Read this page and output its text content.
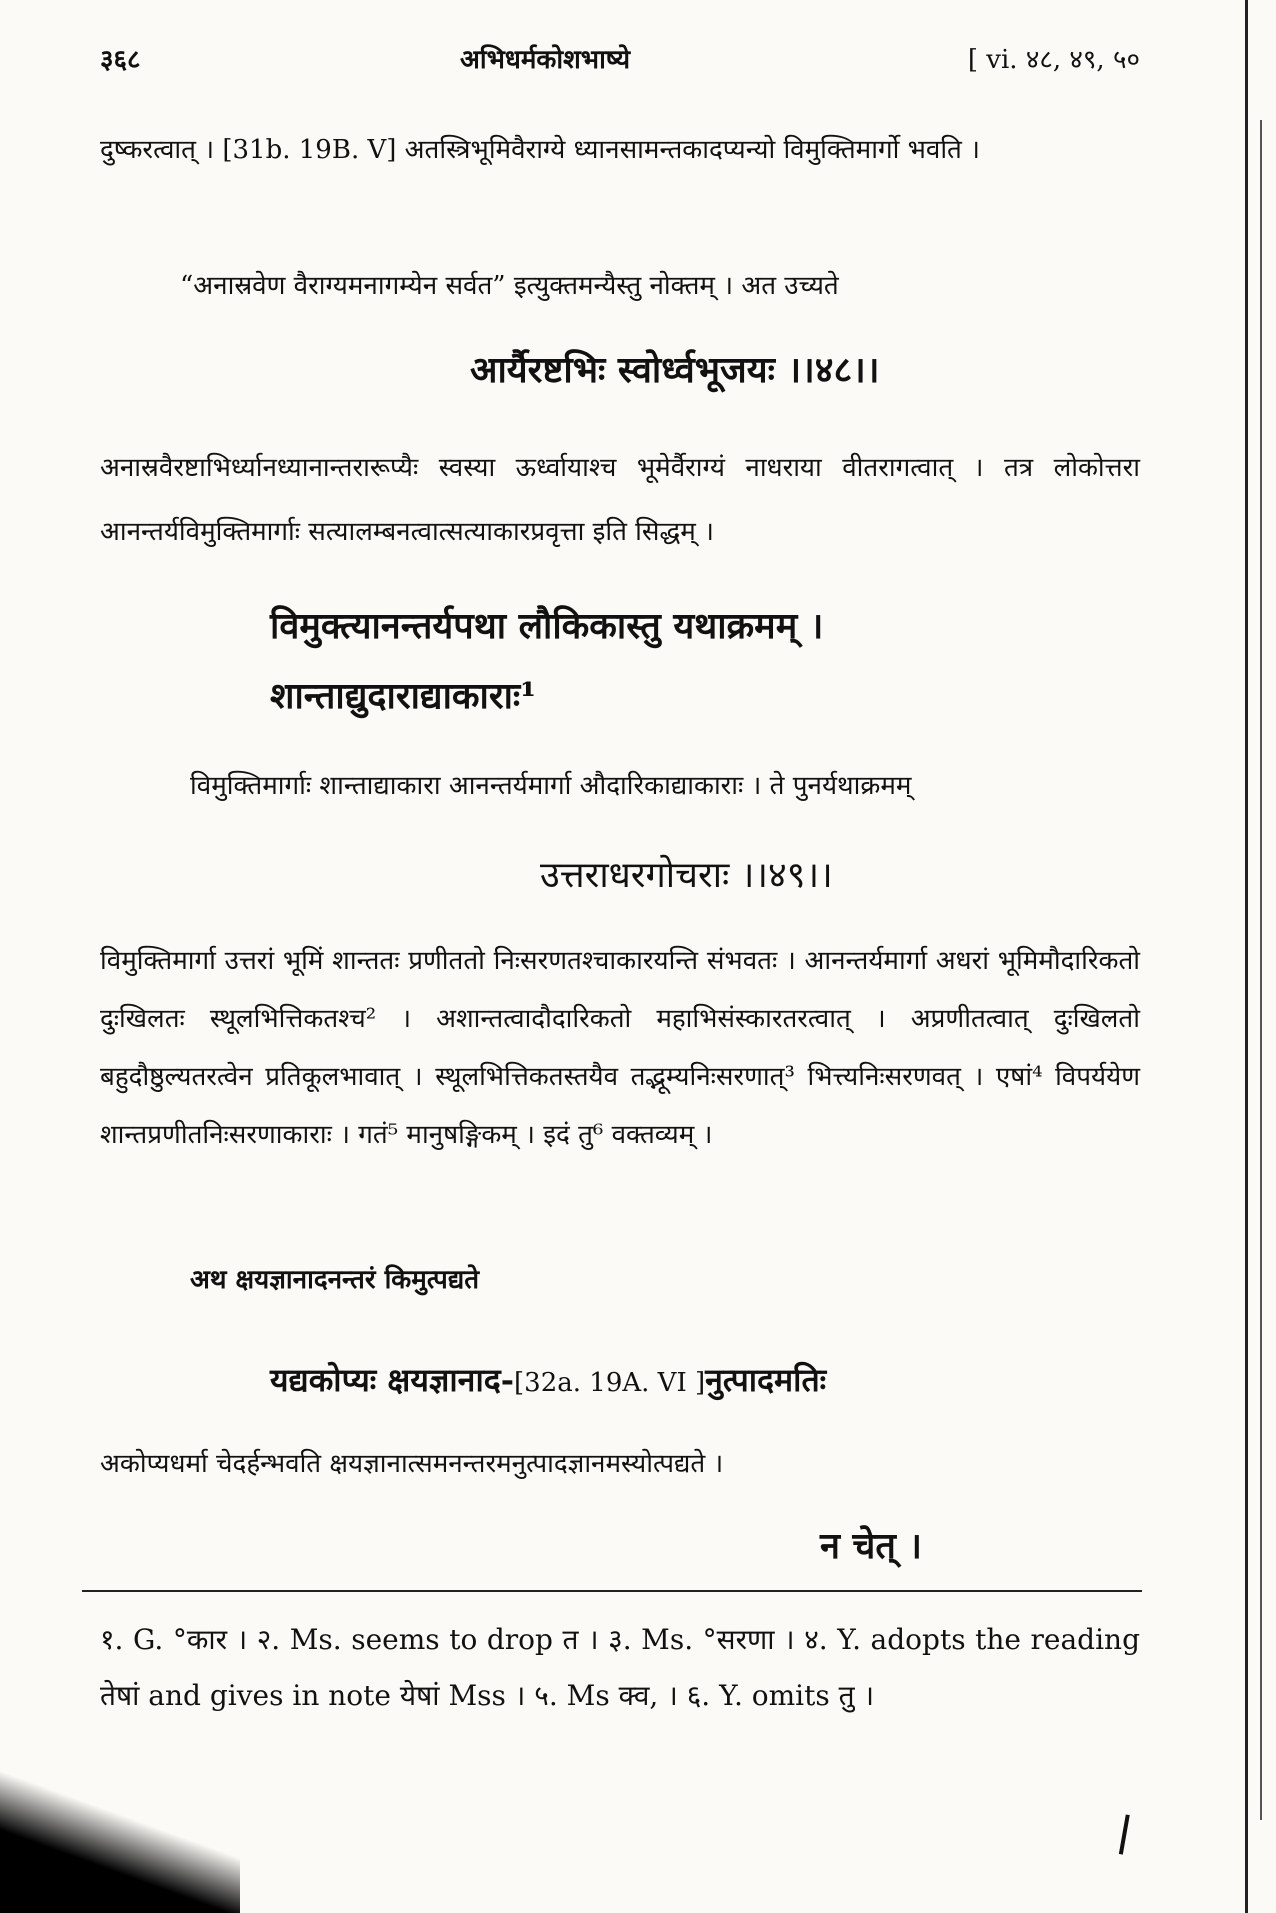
३६८	अभिधर्मकोशभाष्ये	[ vi. ४८, ४९, ५०
दुष्करत्वात् । [31b. 19B. V] अतस्त्रिभूमिवैराग्ये ध्यानसामन्तकादप्यन्यो विमुक्तिमार्गो भवति ।
“अनास्रवेण वैराग्यमनागम्येन सर्वत” इत्युक्तमन्यैस्तु नोक्तम् । अत उच्यते
आर्यैरष्टभिः स्वोर्ध्वभूजयः ।।४८।।
अनास्रवैरष्टाभिर्ध्यानध्यानान्तरारूप्यैः स्वस्या ऊर्ध्वायाश्च भूमेर्वैराग्यं नाधराया वीतरागत्वात् । तत्र लोकोत्तरा आनन्तर्यविमुक्तिमार्गाः सत्यालम्बनत्वात्सत्याकारप्रवृत्ता इति सिद्धम् ।
विमुक्त्यानन्तर्यपथा लौकिकास्तु यथाक्रमम् ।
शान्ताद्युदाराद्याकाराः¹
विमुक्तिमार्गाः शान्ताद्याकारा आनन्तर्यमार्गा औदारिकाद्याकाराः । ते पुनर्यथाक्रमम्
उत्तराधरगोचराः ।।४९।।
विमुक्तिमार्गा उत्तरां भूमिं शान्ततः प्रणीततो निःसरणतश्चाकारयन्ति संभवतः । आनन्तर्यमार्गा अधरां भूमिमौदारिकतो दुःखिलतः स्थूलभित्तिकतश्च² । अशान्तत्वादौदारिकतो महाभिसंस्कारतरत्वात् । अप्रणीतत्वात् दुःखिलतो बहुदौष्ठुल्यतरत्वेन प्रतिकूलभावात् । स्थूलभित्तिकतस्तयैव तद्भूम्यनिःसरणात्³ भित्त्यनिःसरणवत् । एषां⁴ विपर्ययेण शान्तप्रणीतनिःसरणाकाराः । गतं⁵ मानुषङ्गिकम् । इदं तु⁶ वक्तव्यम् ।
अथ क्षयज्ञानादनन्तरं किमुत्पद्यते
यद्यकोप्यः क्षयज्ञानाद-[32a. 19A. VI ]नुत्पादमतिः
अकोप्यधर्मा चेदर्हन्भवति क्षयज्ञानात्समनन्तरमनुत्पादज्ञानमस्योत्पद्यते ।
न चेत् ।
१. G. °कार । २. Ms. seems to drop त । ३. Ms. °सरणा । ४. Y. adopts the reading तेषां and gives in note येषां Mss । ५. Ms क्व, । ६. Y. omits तु ।
